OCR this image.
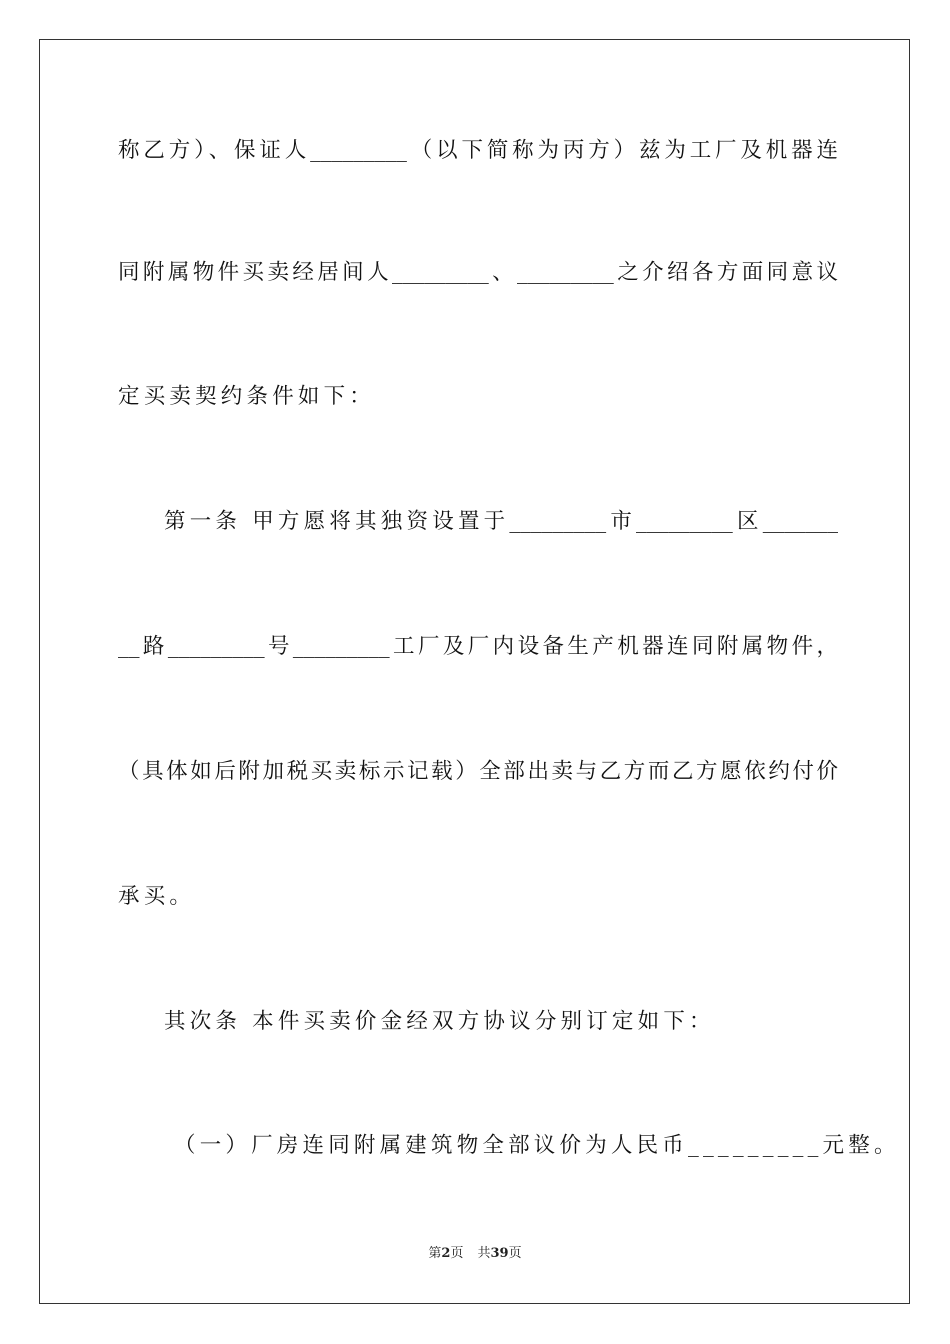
称乙方）、保证人_________（以下简称为丙方）兹为工厂及机器连
同附属物件买卖经居间人_________、_________之介绍各方面同意议
定买卖契约条件如下：
第一条 甲方愿将其独资设置于_________市_________区_______
__路_________号_________工厂及厂内设备生产机器连同附属物件，
（具体如后附加税买卖标示记载）全部出卖与乙方而乙方愿依约付价
承买。
其次条 本件买卖价金经双方协议分别订定如下：
（一）厂房连同附属建筑物全部议价为人民币_________元整。
第2页 共39页
